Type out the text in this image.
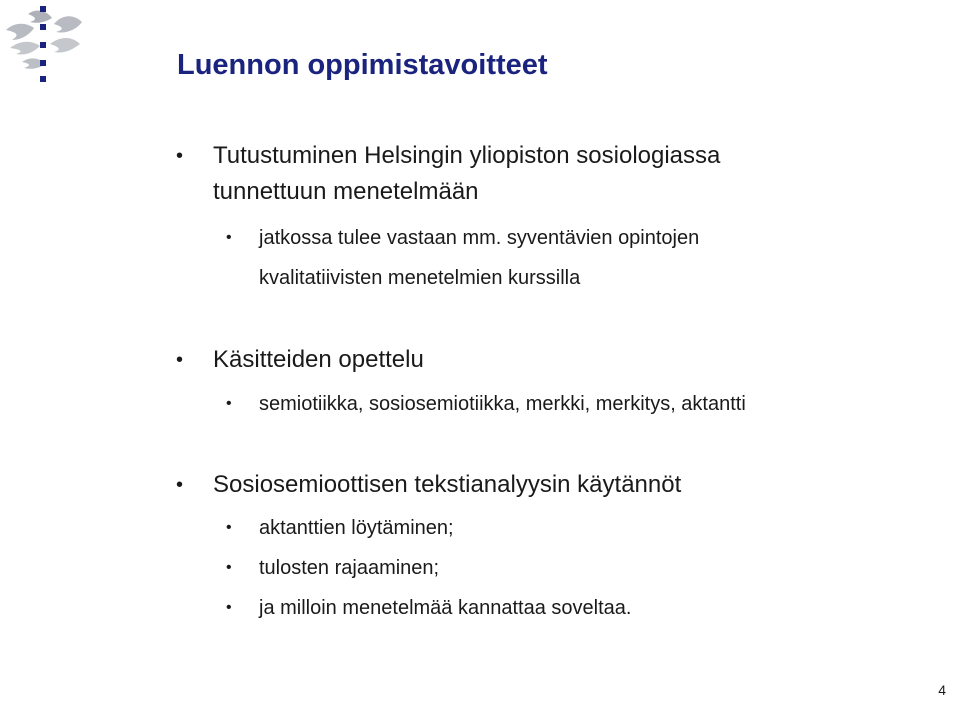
Luennon oppimistavoitteet
• Tutustuminen Helsingin yliopiston sosiologiassa
tunnettuun menetelmään
• jatkossa tulee vastaan mm. syventävien opintojen
kvalitatiivisten menetelmien kurssilla
• Käsitteiden opettelu
• semiotiikka, sosiosemiotiikka, merkki, merkitys, aktantti
• Sosiosemioottisen tekstianalyysin käytännöt
• aktanttien löytäminen;
• tulosten rajaaminen;
• ja milloin menetelmää kannattaa soveltaa.
4
